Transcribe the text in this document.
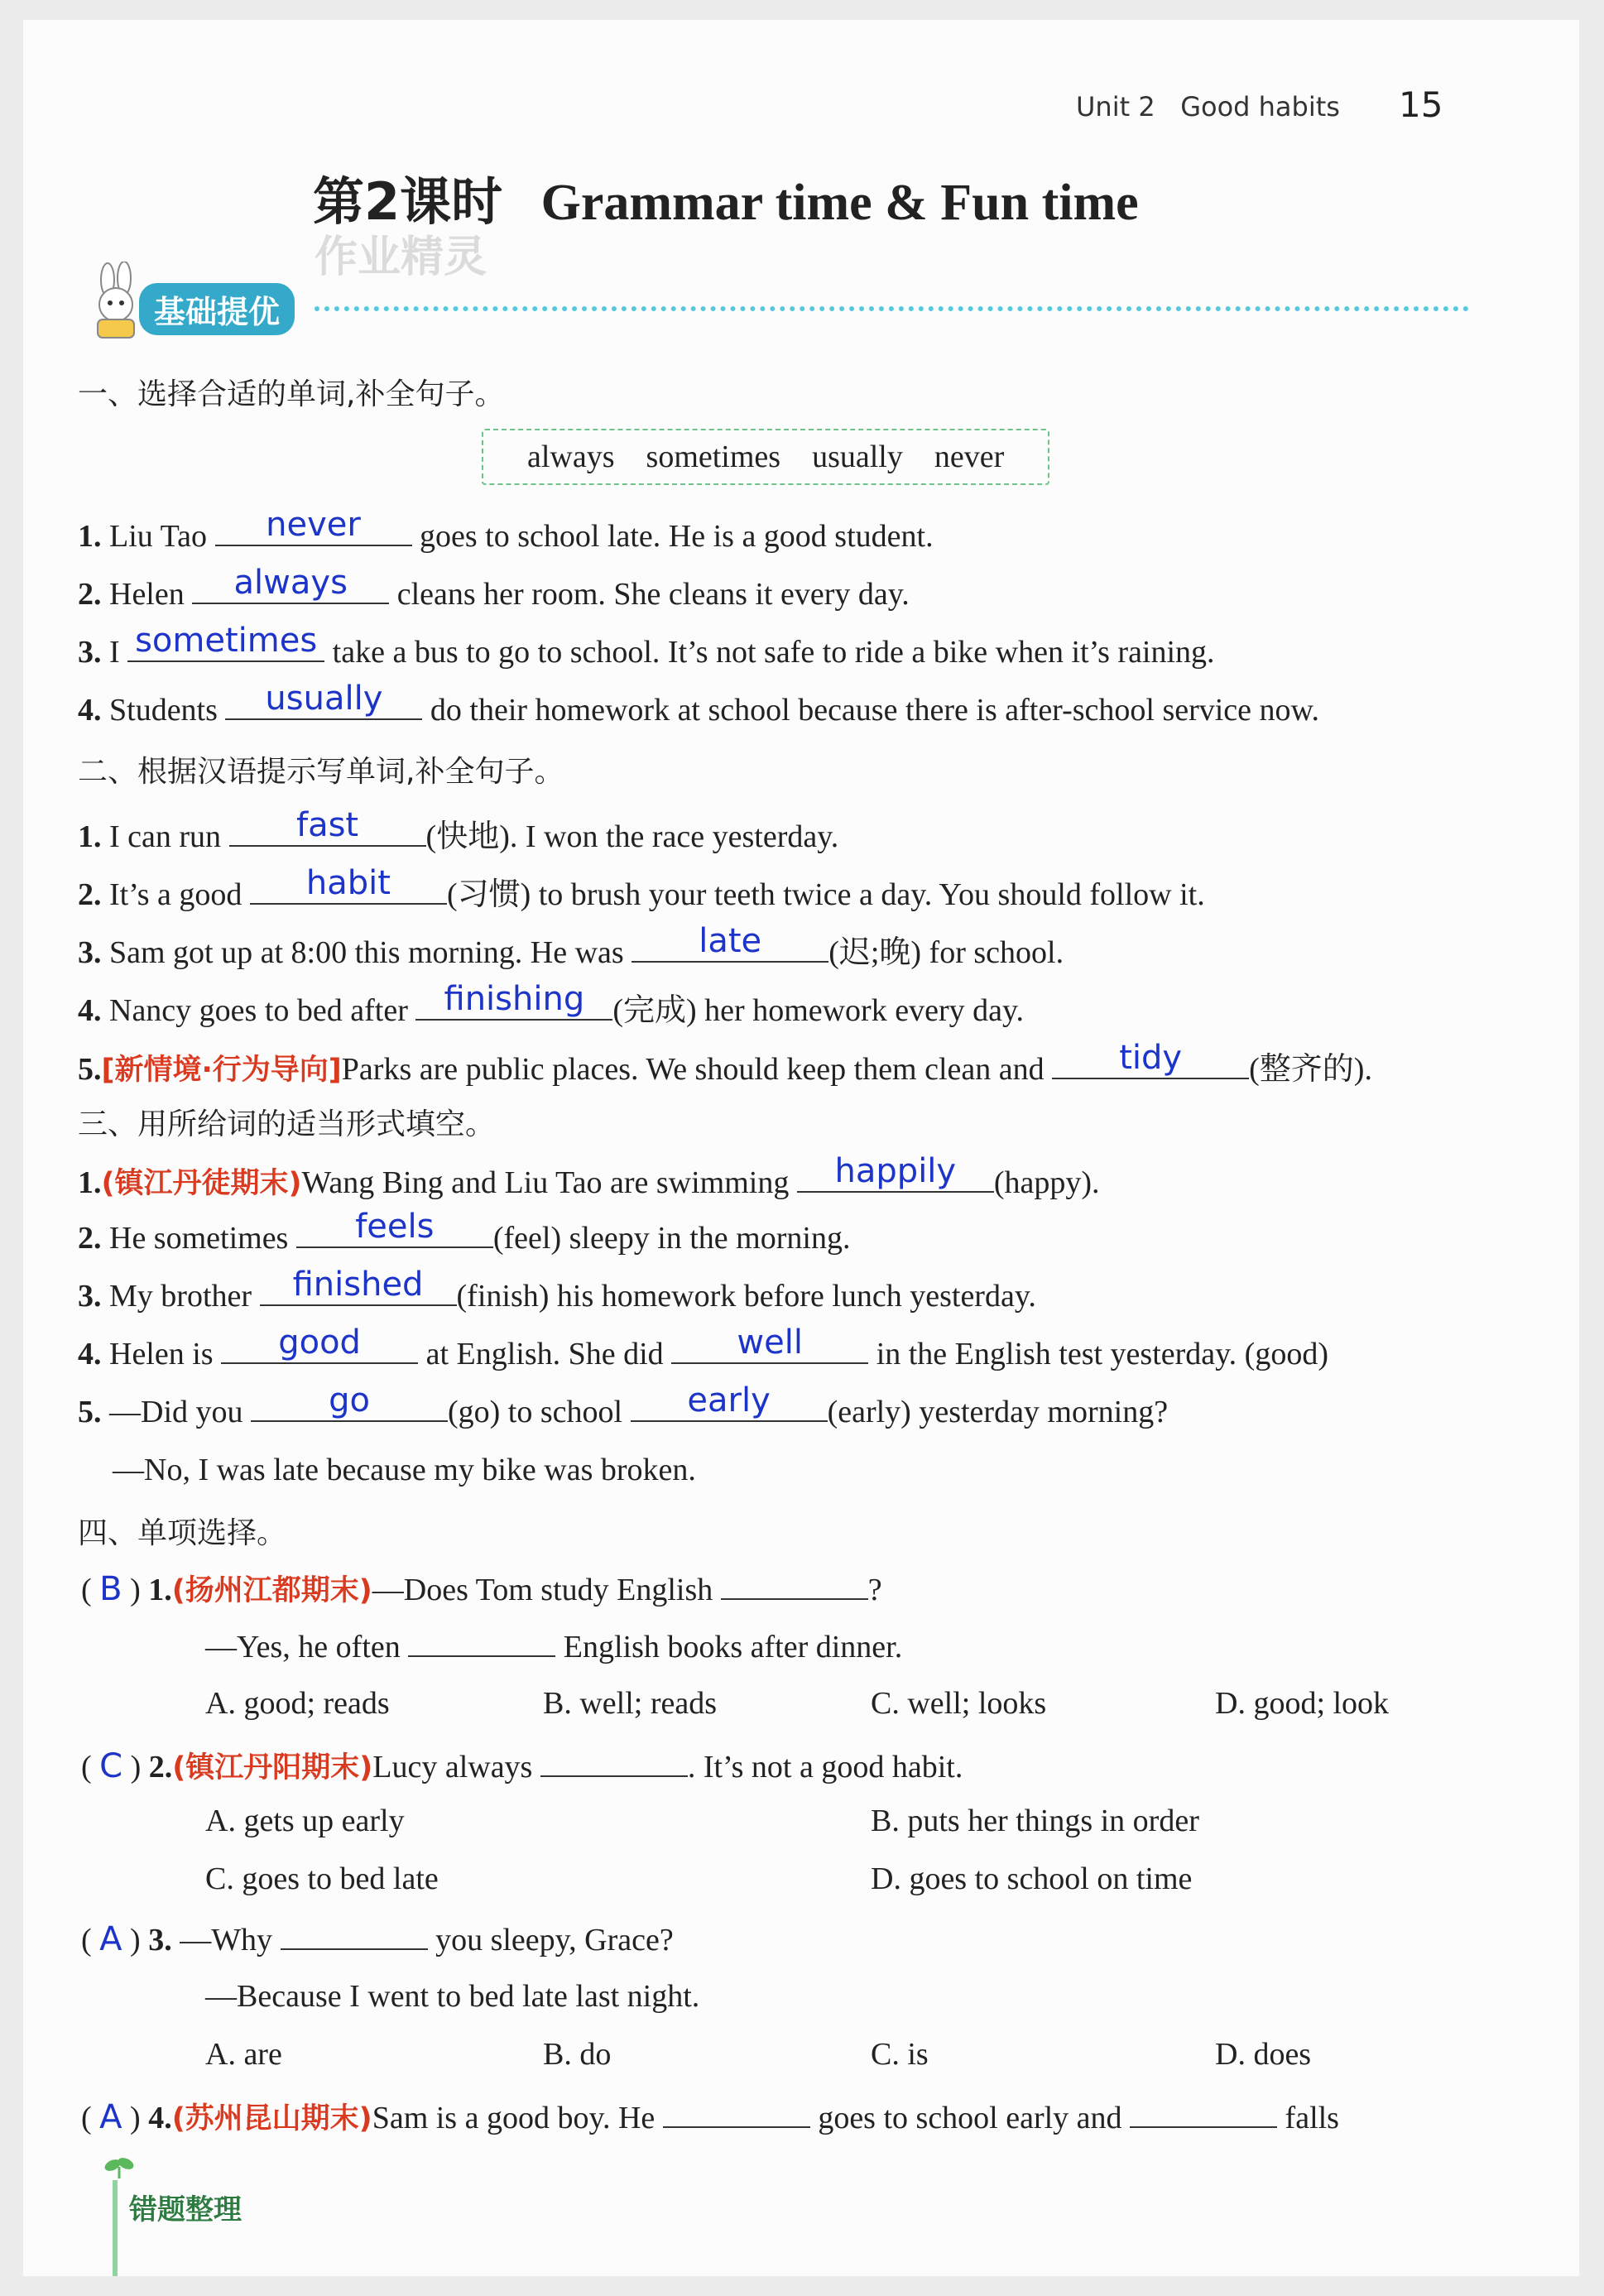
Unit 2 Good habits 15
第2课时 Grammar time & Fun time
作业精灵
基础提优
一、选择合适的单词,补全句子。
always sometimes usually never
1. Liu Tao	never	goes to school late. He is a good student.
2. Helen	always	cleans her room. She cleans it every day.
3. I sometimes take a bus to go to school. It’s not safe to ride a bike when it’s raining.
4. Students	usually	do their homework at school because there is after-school service now.
二、根据汉语提示写单词,补全句子。
1. I can run	fast	(快地). I won the race yesterday.
2. It’s a good	habit	(习惯) to brush your teeth twice a day. You should follow it.
3. Sam got up at 8:00 this morning. He was	late	(迟;晚) for school.
4. Nancy goes to bed after finishing (完成) her homework every day.
5.[新情境·行为导向]Parks are public places. We should keep them clean and	tidy	(整齐的).
三、用所给词的适当形式填空。
1.(镇江丹徒期末)Wang Bing and Liu Tao are swimming	happily	(happy).
2. He sometimes	feels	(feel) sleepy in the morning.
3. My brother	finished	(finish) his homework before lunch yesterday.
4. Helen is	good	at English. She did	well	in the English test yesterday. (good)
5. —Did you	go	(go) to school	early	(early) yesterday morning?
—No, I was late because my bike was broken.
四、单项选择。
( B ) 1.(扬州江都期末)—Does Tom study English	?
—Yes, he often	English books after dinner.
A. good; reads	B. well; reads	C. well; looks	D. good; look
( C ) 2.(镇江丹阳期末)Lucy always	. It’s not a good habit.
A. gets up early	B. puts her things in order
C. goes to bed late	D. goes to school on time
( A ) 3. —Why	you sleepy, Grace?
—Because I went to bed late last night.
A. are	B. do	C. is	D. does
( A ) 4.(苏州昆山期末)Sam is a good boy. He	goes to school early and	falls
错题整理
